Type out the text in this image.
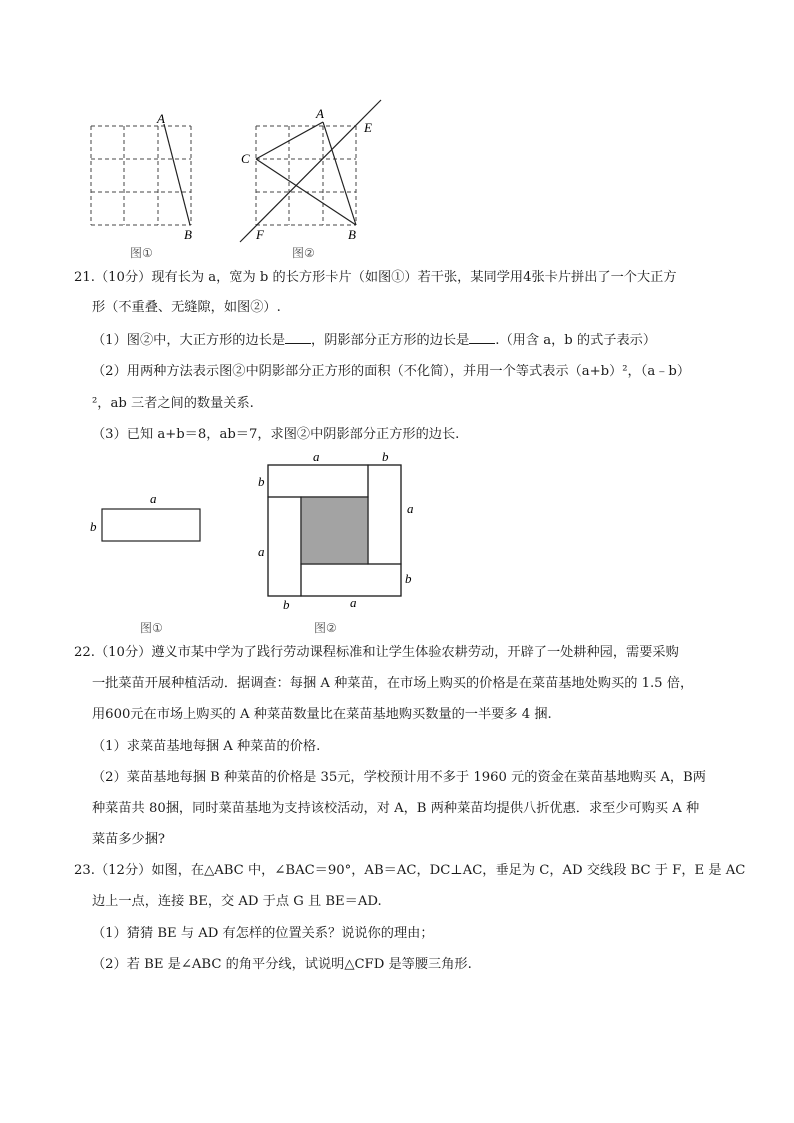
A
B
图①
A
E
C
F	B
图②
21.（10分）现有长为 a，宽为 b 的长方形卡片（如图①）若干张，某同学用4张卡片拼出了一个大正方
形（不重叠、无缝隙，如图②）.
（1）图②中，大正方形的边长是 ，阴影部分正方形的边长是 .（用含 a，b 的式子表示）
（2）用两种方法表示图②中阴影部分正方形的面积（不化简），并用一个等式表示（a+b）²，（a﹣b）
²，ab 三者之间的数量关系.
（3）已知 a+b＝8，ab＝7，求图②中阴影部分正方形的边长.
a
b
图①
a	b
b
a
a
b
b	a
图②
22.（10分）遵义市某中学为了践行劳动课程标准和让学生体验农耕劳动，开辟了一处耕种园，需要采购
一批菜苗开展种植活动．据调查：每捆 A 种菜苗，在市场上购买的价格是在菜苗基地处购买的 1.5 倍，
用600元在市场上购买的 A 种菜苗数量比在菜苗基地购买数量的一半要多 4 捆.
（1）求菜苗基地每捆 A 种菜苗的价格.
（2）菜苗基地每捆 B 种菜苗的价格是 35元，学校预计用不多于 1960 元的资金在菜苗基地购买 A，B两
种菜苗共 80捆，同时菜苗基地为支持该校活动，对 A，B 两种菜苗均提供八折优惠．求至少可购买 A 种
菜苗多少捆?
23.（12分）如图，在△ABC 中，∠BAC＝90°，AB＝AC，DC⊥AC，垂足为 C，AD 交线段 BC 于 F，E 是 AC
边上一点，连接 BE，交 AD 于点 G 且 BE＝AD.
（1）猜猜 BE 与 AD 有怎样的位置关系？说说你的理由；
（2）若 BE 是∠ABC 的角平分线，试说明△CFD 是等腰三角形.
